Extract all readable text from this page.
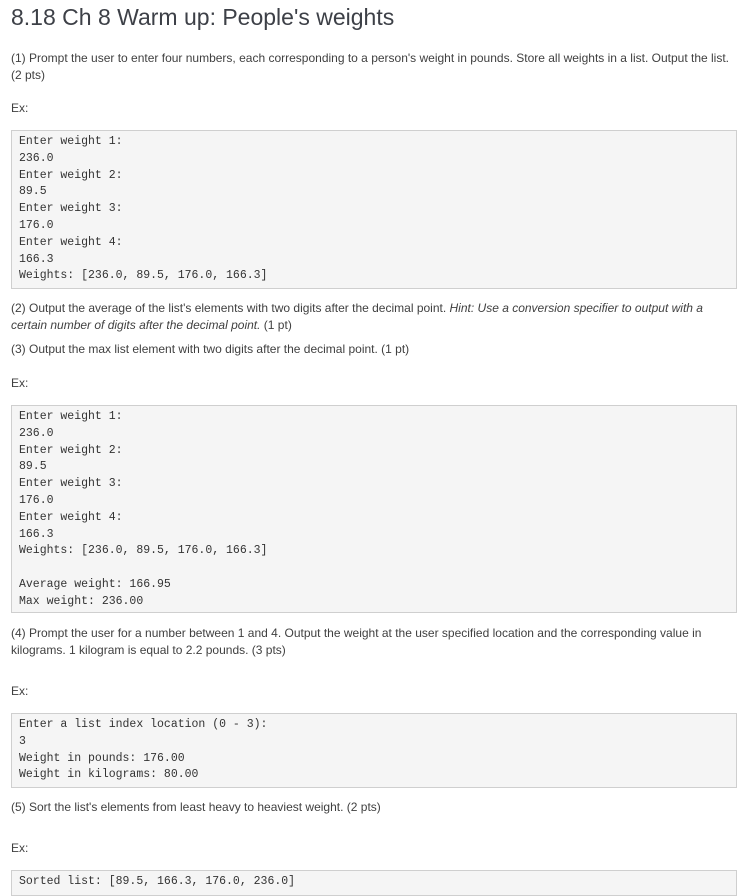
8.18 Ch 8 Warm up: People's weights

(1) Prompt the user to enter four numbers, each corresponding to a person's weight in pounds. Store all weights in a list. Output the list. (2 pts)

Ex:

Enter weight 1:
236.0
Enter weight 2:
89.5
Enter weight 3:
176.0
Enter weight 4:
166.3
Weights: [236.0, 89.5, 176.0, 166.3]

(2) Output the average of the list's elements with two digits after the decimal point. Hint: Use a conversion specifier to output with a certain number of digits after the decimal point. (1 pt)

(3) Output the max list element with two digits after the decimal point. (1 pt)

Ex:

Enter weight 1:
236.0
Enter weight 2:
89.5
Enter weight 3:
176.0
Enter weight 4:
166.3
Weights: [236.0, 89.5, 176.0, 166.3]
Average weight: 166.95
Max weight: 236.00

(4) Prompt the user for a number between 1 and 4. Output the weight at the user specified location and the corresponding value in kilograms. 1 kilogram is equal to 2.2 pounds. (3 pts)

Ex:

Enter a list index location (0 - 3):
3
Weight in pounds: 176.00
Weight in kilograms: 80.00

(5) Sort the list's elements from least heavy to heaviest weight. (2 pts)

Ex:

Sorted list: [89.5, 166.3, 176.0, 236.0]
